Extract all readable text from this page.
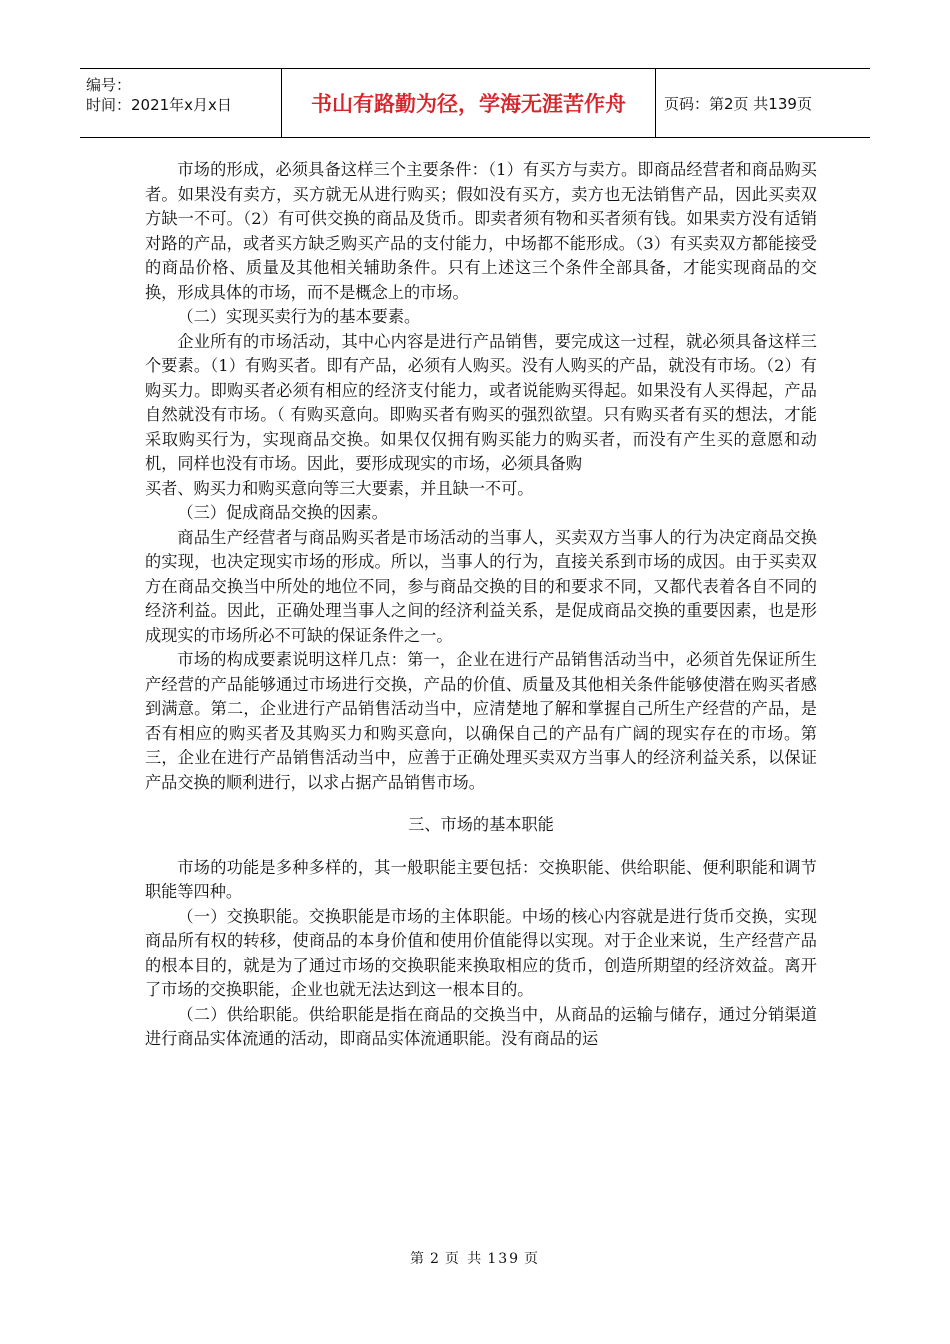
编号：
时间：2021年x月x日	书山有路勤为径，学海无涯苦作舟	页码：第2页 共139页

市场的形成，必须具备这样三个主要条件：（1）有买方与卖方。即商品经营者和商品购买者。如果没有卖方，买方就无从进行购买；假如没有买方，卖方也无法销售产品，因此买卖双方缺一不可。（2）有可供交换的商品及货币。即卖者须有物和买者须有钱。如果卖方没有适销对路的产品，或者买方缺乏购买产品的支付能力，中场都不能形成。（3）有买卖双方都能接受的商品价格、质量及其他相关辅助条件。只有上述这三个条件全部具备，才能实现商品的交换，形成具体的市场，而不是概念上的市场。

（二）实现买卖行为的基本要素。

企业所有的市场活动，其中心内容是进行产品销售，要完成这一过程，就必须具备这样三个要素。（1）有购买者。即有产品，必须有人购买。没有人购买的产品，就没有市场。（2）有购买力。即购买者必须有相应的经济支付能力，或者说能购买得起。如果没有人买得起，产品自然就没有市场。（ 有购买意向。即购买者有购买的强烈欲望。只有购买者有买的想法，才能采取购买行为，实现商品交换。如果仅仅拥有购买能力的购买者，而没有产生买的意愿和动机，同样也没有市场。因此，要形成现实的市场，必须具备购

买者、购买力和购买意向等三大要素，并且缺一不可。

（三）促成商品交换的因素。

商品生产经营者与商品购买者是市场活动的当事人，买卖双方当事人的行为决定商品交换的实现，也决定现实市场的形成。所以，当事人的行为，直接关系到市场的成因。由于买卖双方在商品交换当中所处的地位不同，参与商品交换的目的和要求不同，又都代表着各自不同的经济利益。因此，正确处理当事人之间的经济利益关系，是促成商品交换的重要因素，也是形成现实的市场所必不可缺的保证条件之一。

市场的构成要素说明这样几点：第一，企业在进行产品销售活动当中，必须首先保证所生产经营的产品能够通过市场进行交换，产品的价值、质量及其他相关条件能够使潜在购买者感到满意。第二，企业进行产品销售活动当中，应清楚地了解和掌握自己所生产经营的产品，是否有相应的购买者及其购买力和购买意向，以确保自己的产品有广阔的现实存在的市场。第三，企业在进行产品销售活动当中，应善于正确处理买卖双方当事人的经济利益关系，以保证产品交换的顺利进行，以求占据产品销售市场。

三、市场的基本职能

市场的功能是多种多样的，其一般职能主要包括：交换职能、供给职能、便利职能和调节职能等四种。

（一）交换职能。交换职能是市场的主体职能。中场的核心内容就是进行货币交换，实现商品所有权的转移，使商品的本身价值和使用价值能得以实现。对于企业来说，生产经营产品的根本目的，就是为了通过市场的交换职能来换取相应的货币，创造所期望的经济效益。离开了市场的交换职能，企业也就无法达到这一根本目的。

（二）供给职能。供给职能是指在商品的交换当中，从商品的运输与储存，通过分销渠道进行商品实体流通的活动，即商品实体流通职能。没有商品的运

第 2 页 共 139 页
